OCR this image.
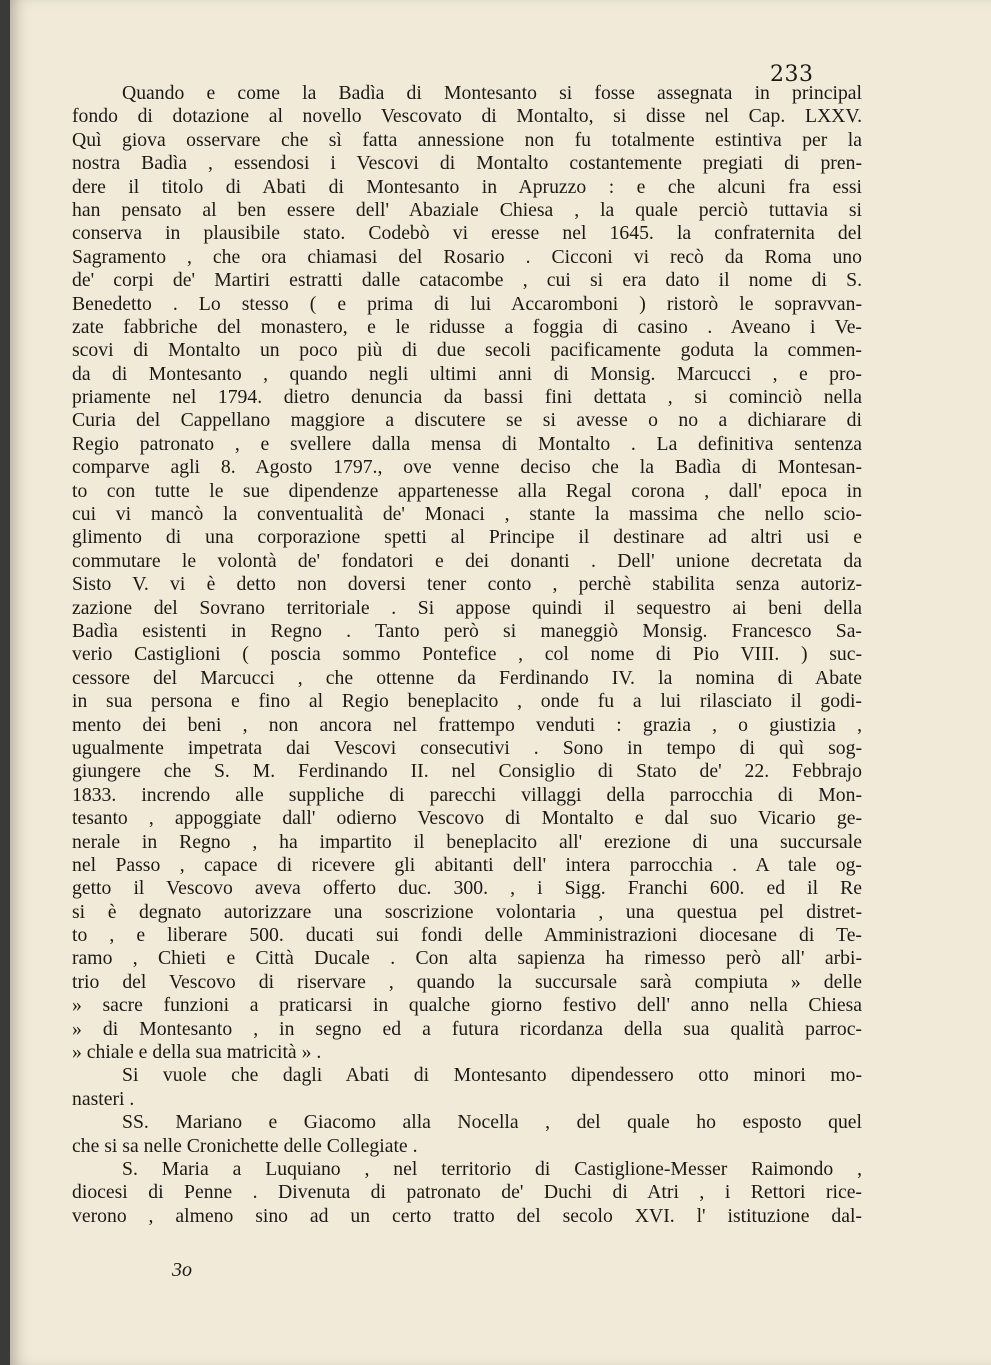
233
Quando e come la Badìa di Montesanto si fosse assegnata in principal
fondo di dotazione al novello Vescovato di Montalto, si disse nel Cap. LXXV.
Quì giova osservare che sì fatta annessione non fu totalmente estintiva per la
nostra Badìa , essendosi i Vescovi di Montalto costantemente pregiati di pren-
dere il titolo di Abati di Montesanto in Apruzzo : e che alcuni fra essi
han pensato al ben essere dell' Abaziale Chiesa , la quale perciò tuttavia si
conserva in plausibile stato. Codebò vi eresse nel 1645. la confraternita del
Sagramento , che ora chiamasi del Rosario . Cicconi vi recò da Roma uno
de' corpi de' Martiri estratti dalle catacombe , cui si era dato il nome di S.
Benedetto . Lo stesso ( e prima di lui Accaromboni ) ristorò le sopravvan-
zate fabbriche del monastero, e le ridusse a foggia di casino . Aveano i Ve-
scovi di Montalto un poco più di due secoli pacificamente goduta la commen-
da di Montesanto , quando negli ultimi anni di Monsig. Marcucci , e pro-
priamente nel 1794. dietro denuncia da bassi fini dettata , si cominciò nella
Curia del Cappellano maggiore a discutere se si avesse o no a dichiarare di
Regio patronato , e svellere dalla mensa di Montalto . La definitiva sentenza
comparve agli 8. Agosto 1797., ove venne deciso che la Badìa di Montesan-
to con tutte le sue dipendenze appartenesse alla Regal corona , dall' epoca in
cui vi mancò la conventualità de' Monaci , stante la massima che nello scio-
glimento di una corporazione spetti al Principe il destinare ad altri usi e
commutare le volontà de' fondatori e dei donanti . Dell' unione decretata da
Sisto V. vi è detto non doversi tener conto , perchè stabilita senza autoriz-
zazione del Sovrano territoriale . Si appose quindi il sequestro ai beni della
Badìa esistenti in Regno . Tanto però si maneggiò Monsig. Francesco Sa-
verio Castiglioni ( poscia sommo Pontefice , col nome di Pio VIII. ) suc-
cessore del Marcucci , che ottenne da Ferdinando IV. la nomina di Abate
in sua persona e fino al Regio beneplacito , onde fu a lui rilasciato il godi-
mento dei beni , non ancora nel frattempo venduti : grazia , o giustizia ,
ugualmente impetrata dai Vescovi consecutivi . Sono in tempo di quì sog-
giungere che S. M. Ferdinando II. nel Consiglio di Stato de' 22. Febbrajo
1833. increndo alle suppliche di parecchi villaggi della parrocchia di Mon-
tesanto , appoggiate dall' odierno Vescovo di Montalto e dal suo Vicario ge-
nerale in Regno , ha impartito il beneplacito all' erezione di una succursale
nel Passo , capace di ricevere gli abitanti dell' intera parrocchia . A tale og-
getto il Vescovo aveva offerto duc. 300. , i Sigg. Franchi 600. ed il Re
si è degnato autorizzare una soscrizione volontaria , una questua pel distret-
to , e liberare 500. ducati sui fondi delle Amministrazioni diocesane di Te-
ramo , Chieti e Città Ducale . Con alta sapienza ha rimesso però all' arbi-
trio del Vescovo di riservare , quando la succursale sarà compiuta » delle
» sacre funzioni a praticarsi in qualche giorno festivo dell' anno nella Chiesa
» di Montesanto , in segno ed a futura ricordanza della sua qualità parroc-
» chiale e della sua matricità » .
Si vuole che dagli Abati di Montesanto dipendessero otto minori mo-
nasteri .
SS. Mariano e Giacomo alla Nocella , del quale ho esposto quel
che si sa nelle Cronichette delle Collegiate .
S. Maria a Luquiano , nel territorio di Castiglione-Messer Raimondo ,
diocesi di Penne . Divenuta di patronato de' Duchi di Atri , i Rettori rice-
verono , almeno sino ad un certo tratto del secolo XVI. l' istituzione dal-
3o
